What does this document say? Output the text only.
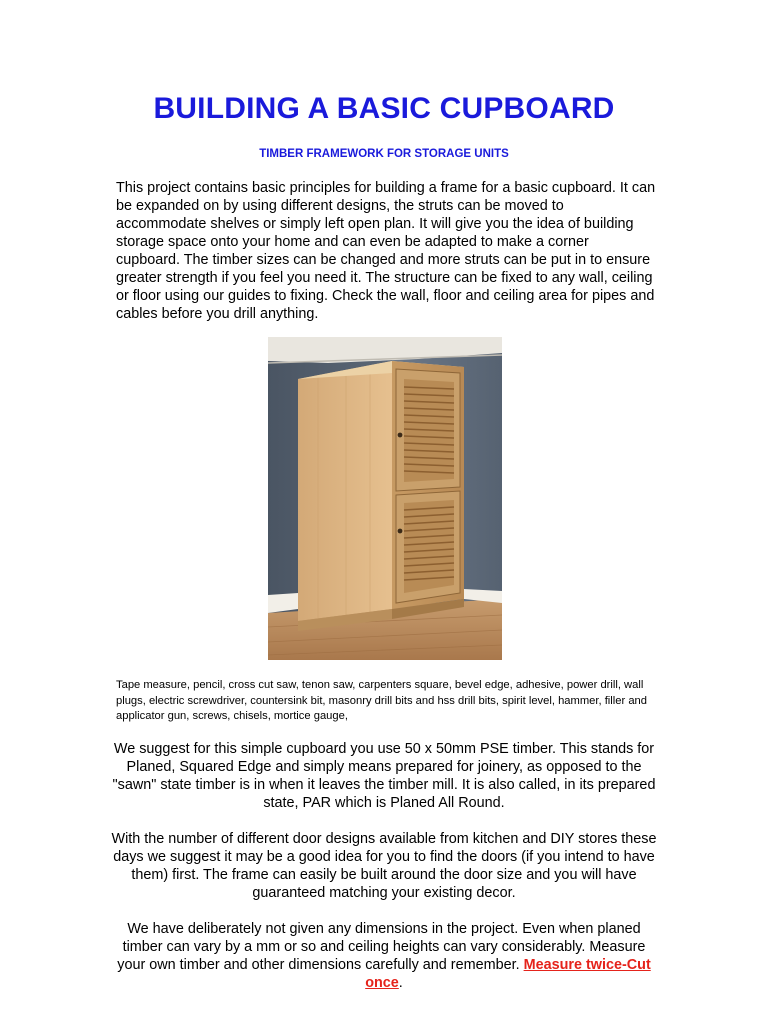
BUILDING A BASIC CUPBOARD
TIMBER FRAMEWORK FOR STORAGE UNITS

This project contains basic principles for building a frame for a basic cupboard. It can be expanded on by using different designs, the struts can be moved to accommodate shelves or simply left open plan. It will give you the idea of building storage space onto your home and can even be adapted to make a corner cupboard. The timber sizes can be changed and more struts can be put in to ensure greater strength if you feel you need it. The structure can be fixed to any wall, ceiling or floor using our guides to fixing. Check the wall, floor and ceiling area for pipes and cables before you drill anything.

Tape measure, pencil, cross cut saw, tenon saw, carpenters square, bevel edge, adhesive, power drill, wall plugs, electric screwdriver, countersink bit, masonry drill bits and hss drill bits, spirit level, hammer, filler and applicator gun, screws, chisels, mortice gauge,

We suggest for this simple cupboard you use 50 x 50mm PSE timber. This stands for Planed, Squared Edge and simply means prepared for joinery, as opposed to the "sawn" state timber is in when it leaves the timber mill. It is also called, in its prepared state, PAR which is Planed All Round.

With the number of different door designs available from kitchen and DIY stores these days we suggest it may be a good idea for you to find the doors (if you intend to have them) first. The frame can easily be built around the door size and you will have guaranteed matching your existing decor.

We have deliberately not given any dimensions in the project. Even when planed timber can vary by a mm or so and ceiling heights can vary considerably. Measure your own timber and other dimensions carefully and remember. Measure twice-Cut once.
